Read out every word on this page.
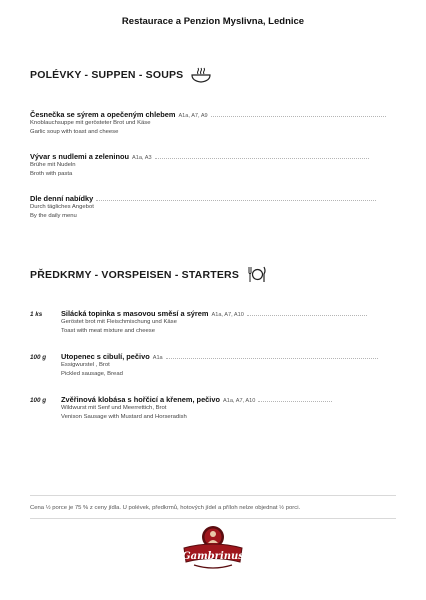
Restaurace a Penzion Myslivna, Lednice
POLÉVKY - SUPPEN - SOUPS
Česnečka se sýrem a opečeným chlebem A1a, A7, A9
Knoblauchsuppe mit gerösteter Brot und Käse
Garlic soup with toast and cheese
Vývar s nudlemi a zeleninou A1a, A3
Brühe mit Nudeln
Broth with pasta
Dle denní nabídky
Durch tägliches Angebot
By the daily menu
PŘEDKRMY - VORSPEISEN - STARTERS
1 ks	Silácká topinka s masovou směsí a sýrem A1a, A7, A10
Geröstet brot mit Fleischmischung und Käse
Toast with meat mixture and cheese
100 g	Utopenec s cibulí, pečivo A1a
Essigwurstel , Brot
Pickled sausage, Bread
100 g	Zvěřinová klobása s hořčicí a křenem, pečivo A1a, A7, A10
Wildwurst mit Senf und Meerrettich, Brot
Venison Sausage with Mustard and Horseradish
Cena ½ porce je 75 % z ceny jídla. U polévek, předkrmů, hotových jídel a příloh nelze objednat ½ porci.
Gambrinus
